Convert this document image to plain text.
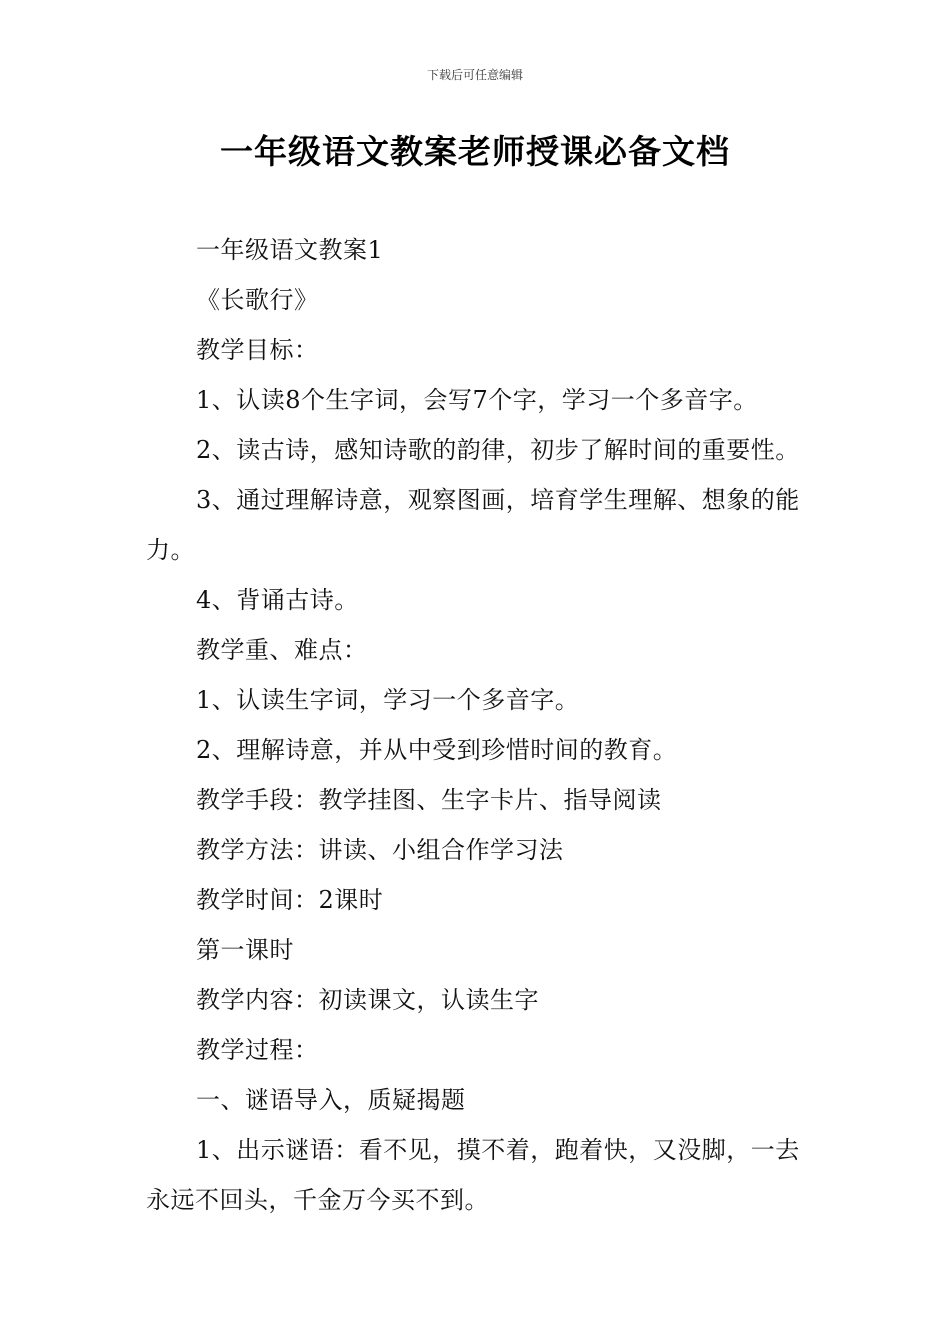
下载后可任意编辑
一年级语文教案老师授课必备文档

一年级语文教案1

《长歌行》

教学目标：

1、认读8个生字词，会写7个字，学习一个多音字。

2、读古诗，感知诗歌的韵律，初步了解时间的重要性。

3、通过理解诗意，观察图画，培育学生理解、想象的能力。

4、背诵古诗。

教学重、难点：

1、认读生字词，学习一个多音字。

2、理解诗意，并从中受到珍惜时间的教育。

教学手段：教学挂图、生字卡片、指导阅读

教学方法：讲读、小组合作学习法

教学时间：2课时

第一课时

教学内容：初读课文，认读生字

教学过程：

一、谜语导入，质疑揭题

1、出示谜语：看不见，摸不着，跑着快，又没脚，一去永远不回头，千金万今买不到。
